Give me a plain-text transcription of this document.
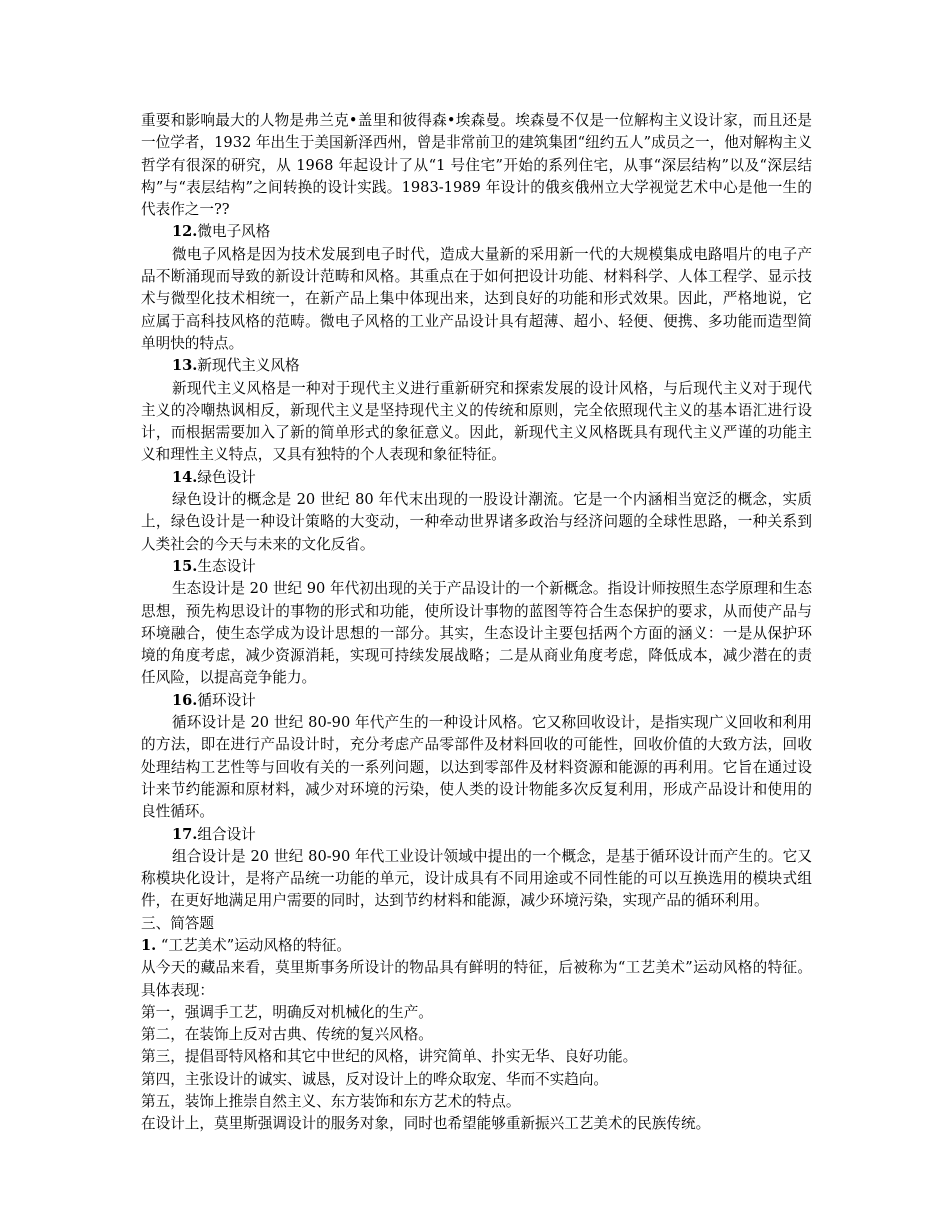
重要和影响最大的人物是弗兰克•盖里和彼得森•埃森曼。埃森曼不仅是一位解构主义设计家，而且还是一位学者，1932 年出生于美国新泽西州，曾是非常前卫的建筑集团“纽约五人”成员之一，他对解构主义哲学有很深的研究，从 1968 年起设计了从“1 号住宅”开始的系列住宅，从事“深层结构”以及“深层结构”与“表层结构”之间转换的设计实践。1983-1989 年设计的俄亥俄州立大学视觉艺术中心是他一生的代表作之一??

12.微电子风格

微电子风格是因为技术发展到电子时代，造成大量新的采用新一代的大规模集成电路唱片的电子产品不断涌现而导致的新设计范畴和风格。其重点在于如何把设计功能、材料科学、人体工程学、显示技术与微型化技术相统一，在新产品上集中体现出来，达到良好的功能和形式效果。因此，严格地说，它应属于高科技风格的范畴。微电子风格的工业产品设计具有超薄、超小、轻便、便携、多功能而造型简单明快的特点。

13.新现代主义风格

新现代主义风格是一种对于现代主义进行重新研究和探索发展的设计风格，与后现代主义对于现代主义的冷嘲热讽相反，新现代主义是坚持现代主义的传统和原则，完全依照现代主义的基本语汇进行设计，而根据需要加入了新的简单形式的象征意义。因此，新现代主义风格既具有现代主义严谨的功能主义和理性主义特点，又具有独特的个人表现和象征特征。

14.绿色设计

绿色设计的概念是 20 世纪 80 年代末出现的一股设计潮流。它是一个内涵相当宽泛的概念，实质上，绿色设计是一种设计策略的大变动，一种牵动世界诸多政治与经济问题的全球性思路，一种关系到人类社会的今天与未来的文化反省。

15.生态设计

生态设计是 20 世纪 90 年代初出现的关于产品设计的一个新概念。指设计师按照生态学原理和生态思想，预先构思设计的事物的形式和功能，使所设计事物的蓝图等符合生态保护的要求，从而使产品与环境融合，使生态学成为设计思想的一部分。其实，生态设计主要包括两个方面的涵义：一是从保护环境的角度考虑，减少资源消耗，实现可持续发展战略；二是从商业角度考虑，降低成本，减少潜在的责任风险，以提高竞争能力。

16.循环设计

循环设计是 20 世纪 80-90 年代产生的一种设计风格。它又称回收设计，是指实现广义回收和利用的方法，即在进行产品设计时，充分考虑产品零部件及材料回收的可能性，回收价值的大致方法，回收处理结构工艺性等与回收有关的一系列问题，以达到零部件及材料资源和能源的再利用。它旨在通过设计来节约能源和原材料，减少对环境的污染，使人类的设计物能多次反复利用，形成产品设计和使用的良性循环。

17.组合设计

组合设计是 20 世纪 80-90 年代工业设计领域中提出的一个概念，是基于循环设计而产生的。它又称模块化设计，是将产品统一功能的单元，设计成具有不同用途或不同性能的可以互换选用的模块式组件，在更好地满足用户需要的同时，达到节约材料和能源，减少环境污染，实现产品的循环利用。

三、简答题

1. “工艺美术”运动风格的特征。

从今天的藏品来看，莫里斯事务所设计的物品具有鲜明的特征，后被称为“工艺美术”运动风格的特征。具体表现：

第一，强调手工艺，明确反对机械化的生产。

第二，在装饰上反对古典、传统的复兴风格。

第三，提倡哥特风格和其它中世纪的风格，讲究简单、扑实无华、良好功能。

第四，主张设计的诚实、诚恳，反对设计上的哗众取宠、华而不实趋向。

第五，装饰上推崇自然主义、东方装饰和东方艺术的特点。

在设计上，莫里斯强调设计的服务对象，同时也希望能够重新振兴工艺美术的民族传统。
